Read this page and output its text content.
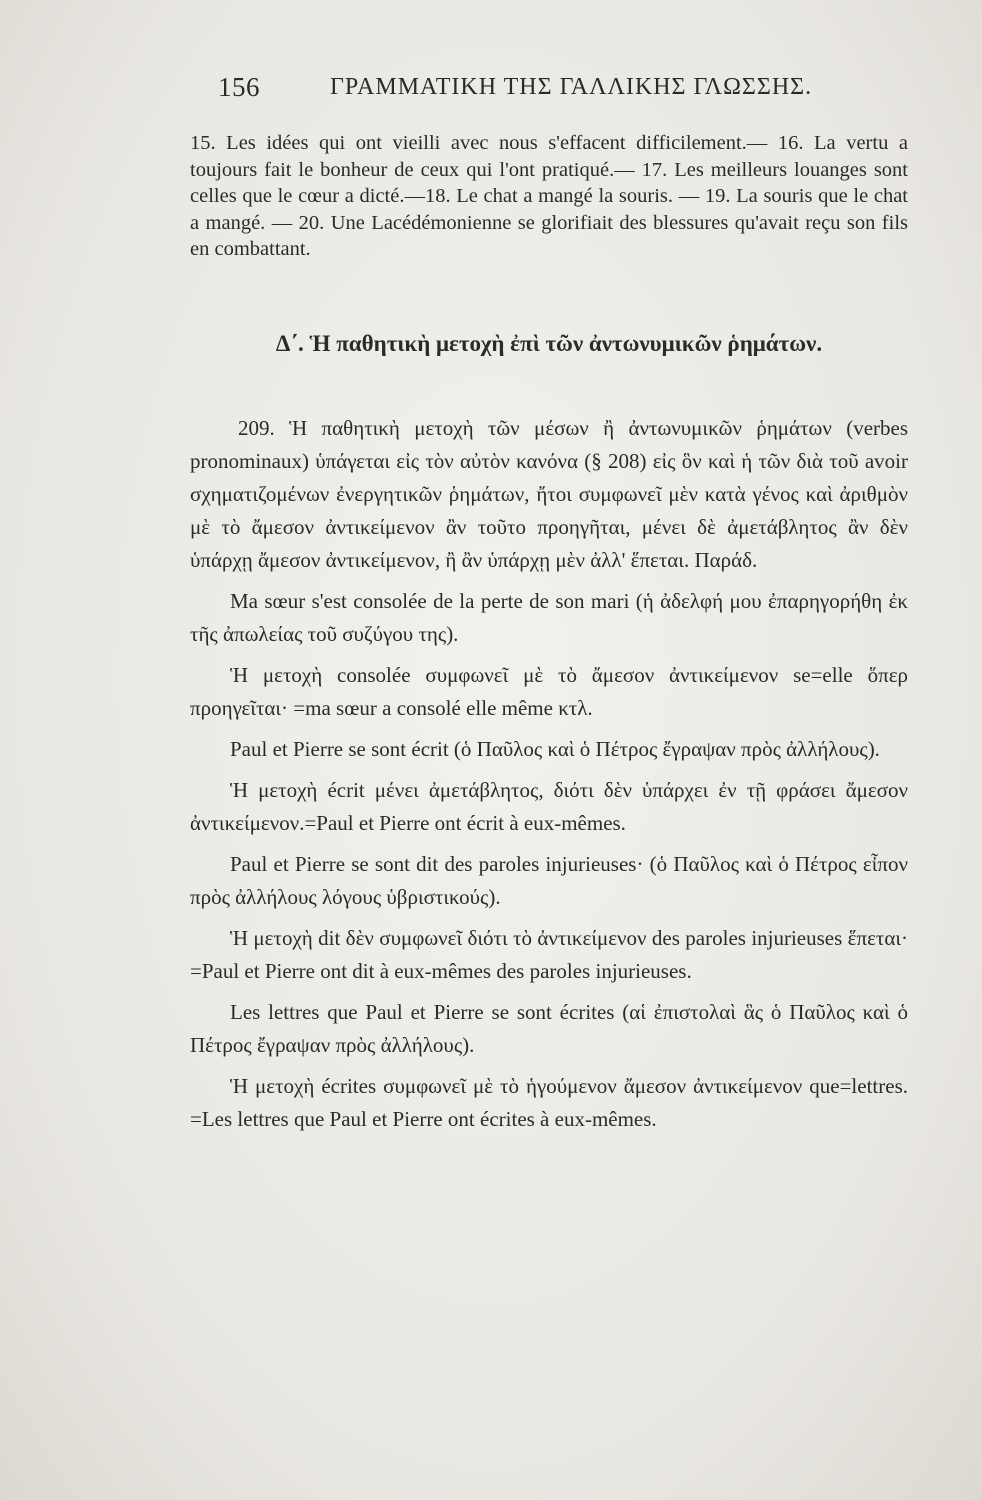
156	ΓΡΑΜΜΑΤΙΚΗ ΤΗΣ ΓΑΛΛΙΚΗΣ ΓΛΩΣΣΗΣ.

15. Les idées qui ont vieilli avec nous s'effacent difficilement.— 16. La vertu a toujours fait le bonheur de ceux qui l'ont pratiqué.— 17. Les meilleurs louanges sont celles que le cœur a dicté.—18. Le chat a mangé la souris. — 19. La souris que le chat a mangé. — 20. Une Lacédémonienne se glorifiait des blessures qu'avait reçu son fils en combattant.

Δ΄. Ἡ παθητικὴ μετοχὴ ἐπὶ τῶν ἀντωνυμικῶν ῥημάτων.

209. Ἡ παθητικὴ μετοχὴ τῶν μέσων ἢ ἀντωνυμικῶν ῥημάτων (verbes pronominaux) ὑπάγεται εἰς τὸν αὐτὸν κανόνα (§ 208) εἰς ὃν καὶ ἡ τῶν διὰ τοῦ avoir σχηματιζομένων ἐνεργητικῶν ῥημάτων, ἤτοι συμφωνεῖ μὲν κατὰ γένος καὶ ἀριθμὸν μὲ τὸ ἄμεσον ἀντικείμενον ἂν τοῦτο προηγῆται, μένει δὲ ἀμετάβλητος ἂν δὲν ὑπάρχῃ ἄμεσον ἀντικείμενον, ἢ ἂν ὑπάρχῃ μὲν ἀλλ' ἕπεται. Παράδ.

Ma sœur s'est consolée de la perte de son mari (ἡ ἀδελφή μου ἐπαρηγορήθη ἐκ τῆς ἀπωλείας τοῦ συζύγου της).

Ἡ μετοχὴ consolée συμφωνεῖ μὲ τὸ ἄμεσον ἀντικείμενον se=elle ὅπερ προηγεῖται· =ma sœur a consolé elle même κτλ.

Paul et Pierre se sont écrit (ὁ Παῦλος καὶ ὁ Πέτρος ἔγραψαν πρὸς ἀλλήλους).

Ἡ μετοχὴ écrit μένει ἀμετάβλητος, διότι δὲν ὑπάρχει ἐν τῇ φράσει ἄμεσον ἀντικείμενον.=Paul et Pierre ont écrit à eux-mêmes.

Paul et Pierre se sont dit des paroles injurieuses· (ὁ Παῦλος καὶ ὁ Πέτρος εἶπον πρὸς ἀλλήλους λόγους ὑβριστικούς).

Ἡ μετοχὴ dit δὲν συμφωνεῖ διότι τὸ ἀντικείμενον des paroles injurieuses ἕπεται· =Paul et Pierre ont dit à eux-mêmes des paroles injurieuses.

Les lettres que Paul et Pierre se sont écrites (αἱ ἐπιστολαὶ ἃς ὁ Παῦλος καὶ ὁ Πέτρος ἔγραψαν πρὸς ἀλλήλους).

Ἡ μετοχὴ écrites συμφωνεῖ μὲ τὸ ἡγούμενον ἄμεσον ἀντικείμενον que=lettres. =Les lettres que Paul et Pierre ont écrites à eux-mêmes.
